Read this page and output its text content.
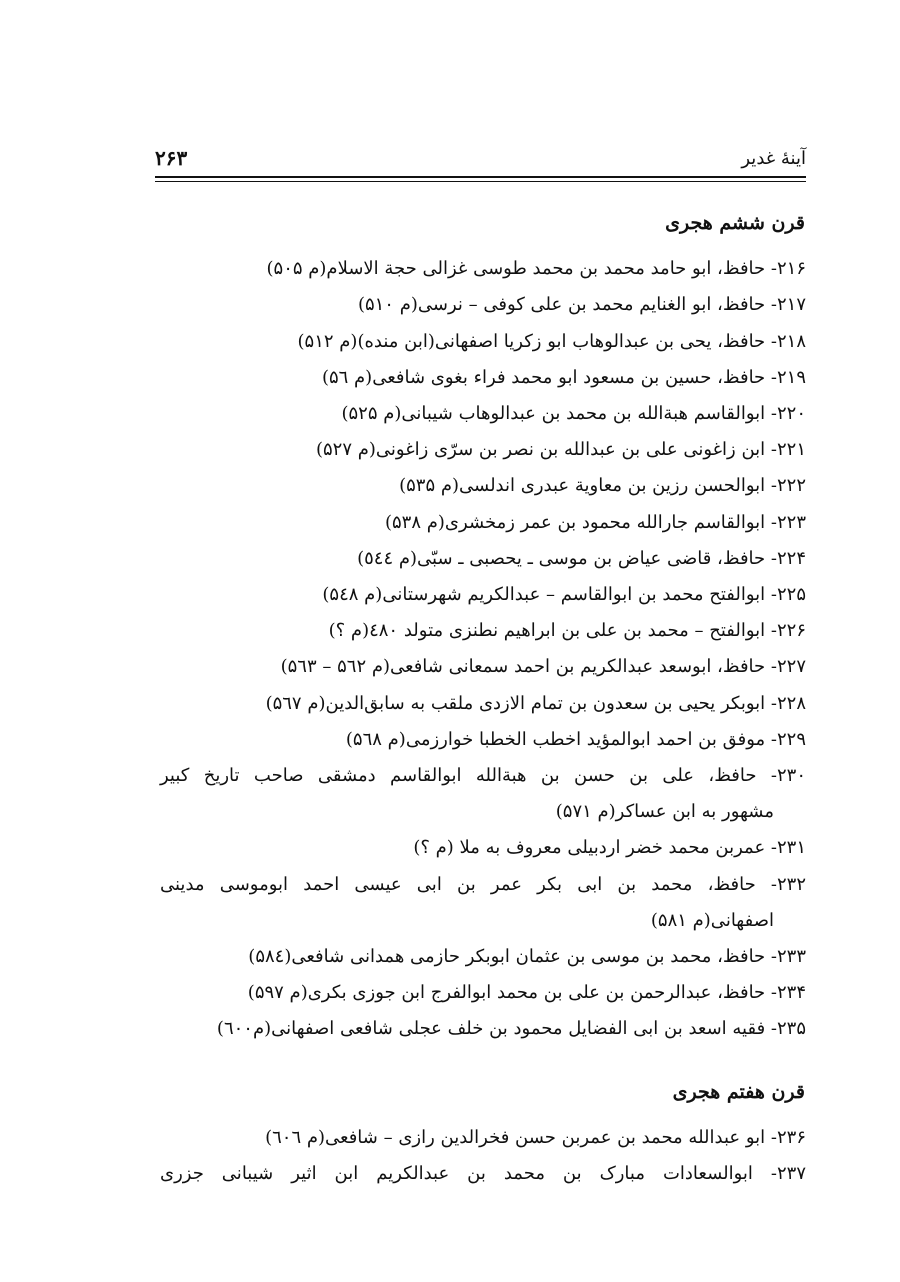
آینهٔ غدیر
۲۶۳
قرن ششم هجری
۲۱۶- حافظ، ابو حامد محمد بن محمد طوسی غزالی حجة الاسلام(م ۵۰۵)
۲۱۷- حافظ، ابو الغنایم محمد بن علی کوفی – نرسی(م ۵۱۰)
۲۱۸- حافظ، یحی بن عبدالوهاب ابو زکریا اصفهانی(ابن منده)(م ۵۱۲)
۲۱۹- حافظ، حسین بن مسعود ابو محمد فراء بغوی شافعی(م ۵٦)
۲۲۰- ابوالقاسم هبةالله بن محمد بن عبدالوهاب شیبانی(م ۵۲۵)
۲۲۱- ابن زاغونی علی بن عبدالله بن نصر بن سرّی زاغونی(م ۵۲۷)
۲۲۲- ابوالحسن رزین بن معاویة عبدری اندلسی(م ۵۳۵)
۲۲۳- ابوالقاسم جارالله محمود بن عمر زمخشری(م ۵۳۸)
۲۲۴- حافظ، قاضی عیاض بن موسی ـ یحصبی ـ سبّی(م ٥٤٤)
۲۲۵- ابوالفتح محمد بن ابوالقاسم – عبدالکریم شهرستانی(م ۵٤۸)
۲۲۶- ابوالفتح – محمد بن علی بن ابراهیم نطنزی متولد ٤۸۰(م ؟)
۲۲۷- حافظ، ابوسعد عبدالکریم بن احمد سمعانی شافعی(م ۵٦۲ – ۵٦۳)
۲۲۸- ابوبکر یحیی بن سعدون بن تمام الازدی ملقب به سابق‌الدین(م ۵٦۷)
۲۲۹- موفق بن احمد ابوالمؤید اخطب الخطبا خوارزمی(م ۵٦۸)
۲۳۰- حافظ، علی بن حسن بن هبةالله ابوالقاسم دمشقی صاحب تاریخ کبیر
مشهور به ابن عساکر(م ۵۷۱)
۲۳۱- عمربن محمد خضر اردبیلی معروف به ملا (م ؟)
۲۳۲- حافظ، محمد بن ابی بکر عمر بن ابی عیسی احمد ابوموسی مدینی
اصفهانی(م ۵۸۱)
۲۳۳- حافظ، محمد بن موسی بن عثمان ابوبکر حازمی همدانی شافعی(۵۸٤)
۲۳۴- حافظ، عبدالرحمن بن علی بن محمد ابوالفرج ابن جوزی بکری(م ۵۹۷)
۲۳۵- فقیه اسعد بن ابی الفضایل محمود بن خلف عجلی شافعی اصفهانی(م٦۰۰)
قرن هفتم هجری
۲۳۶- ابو عبدالله محمد بن عمربن حسن فخرالدین رازی – شافعی(م ٦۰٦)
۲۳۷- ابوالسعادات مبارک بن محمد بن عبدالکریم ابن اثیر شیبانی جزری
